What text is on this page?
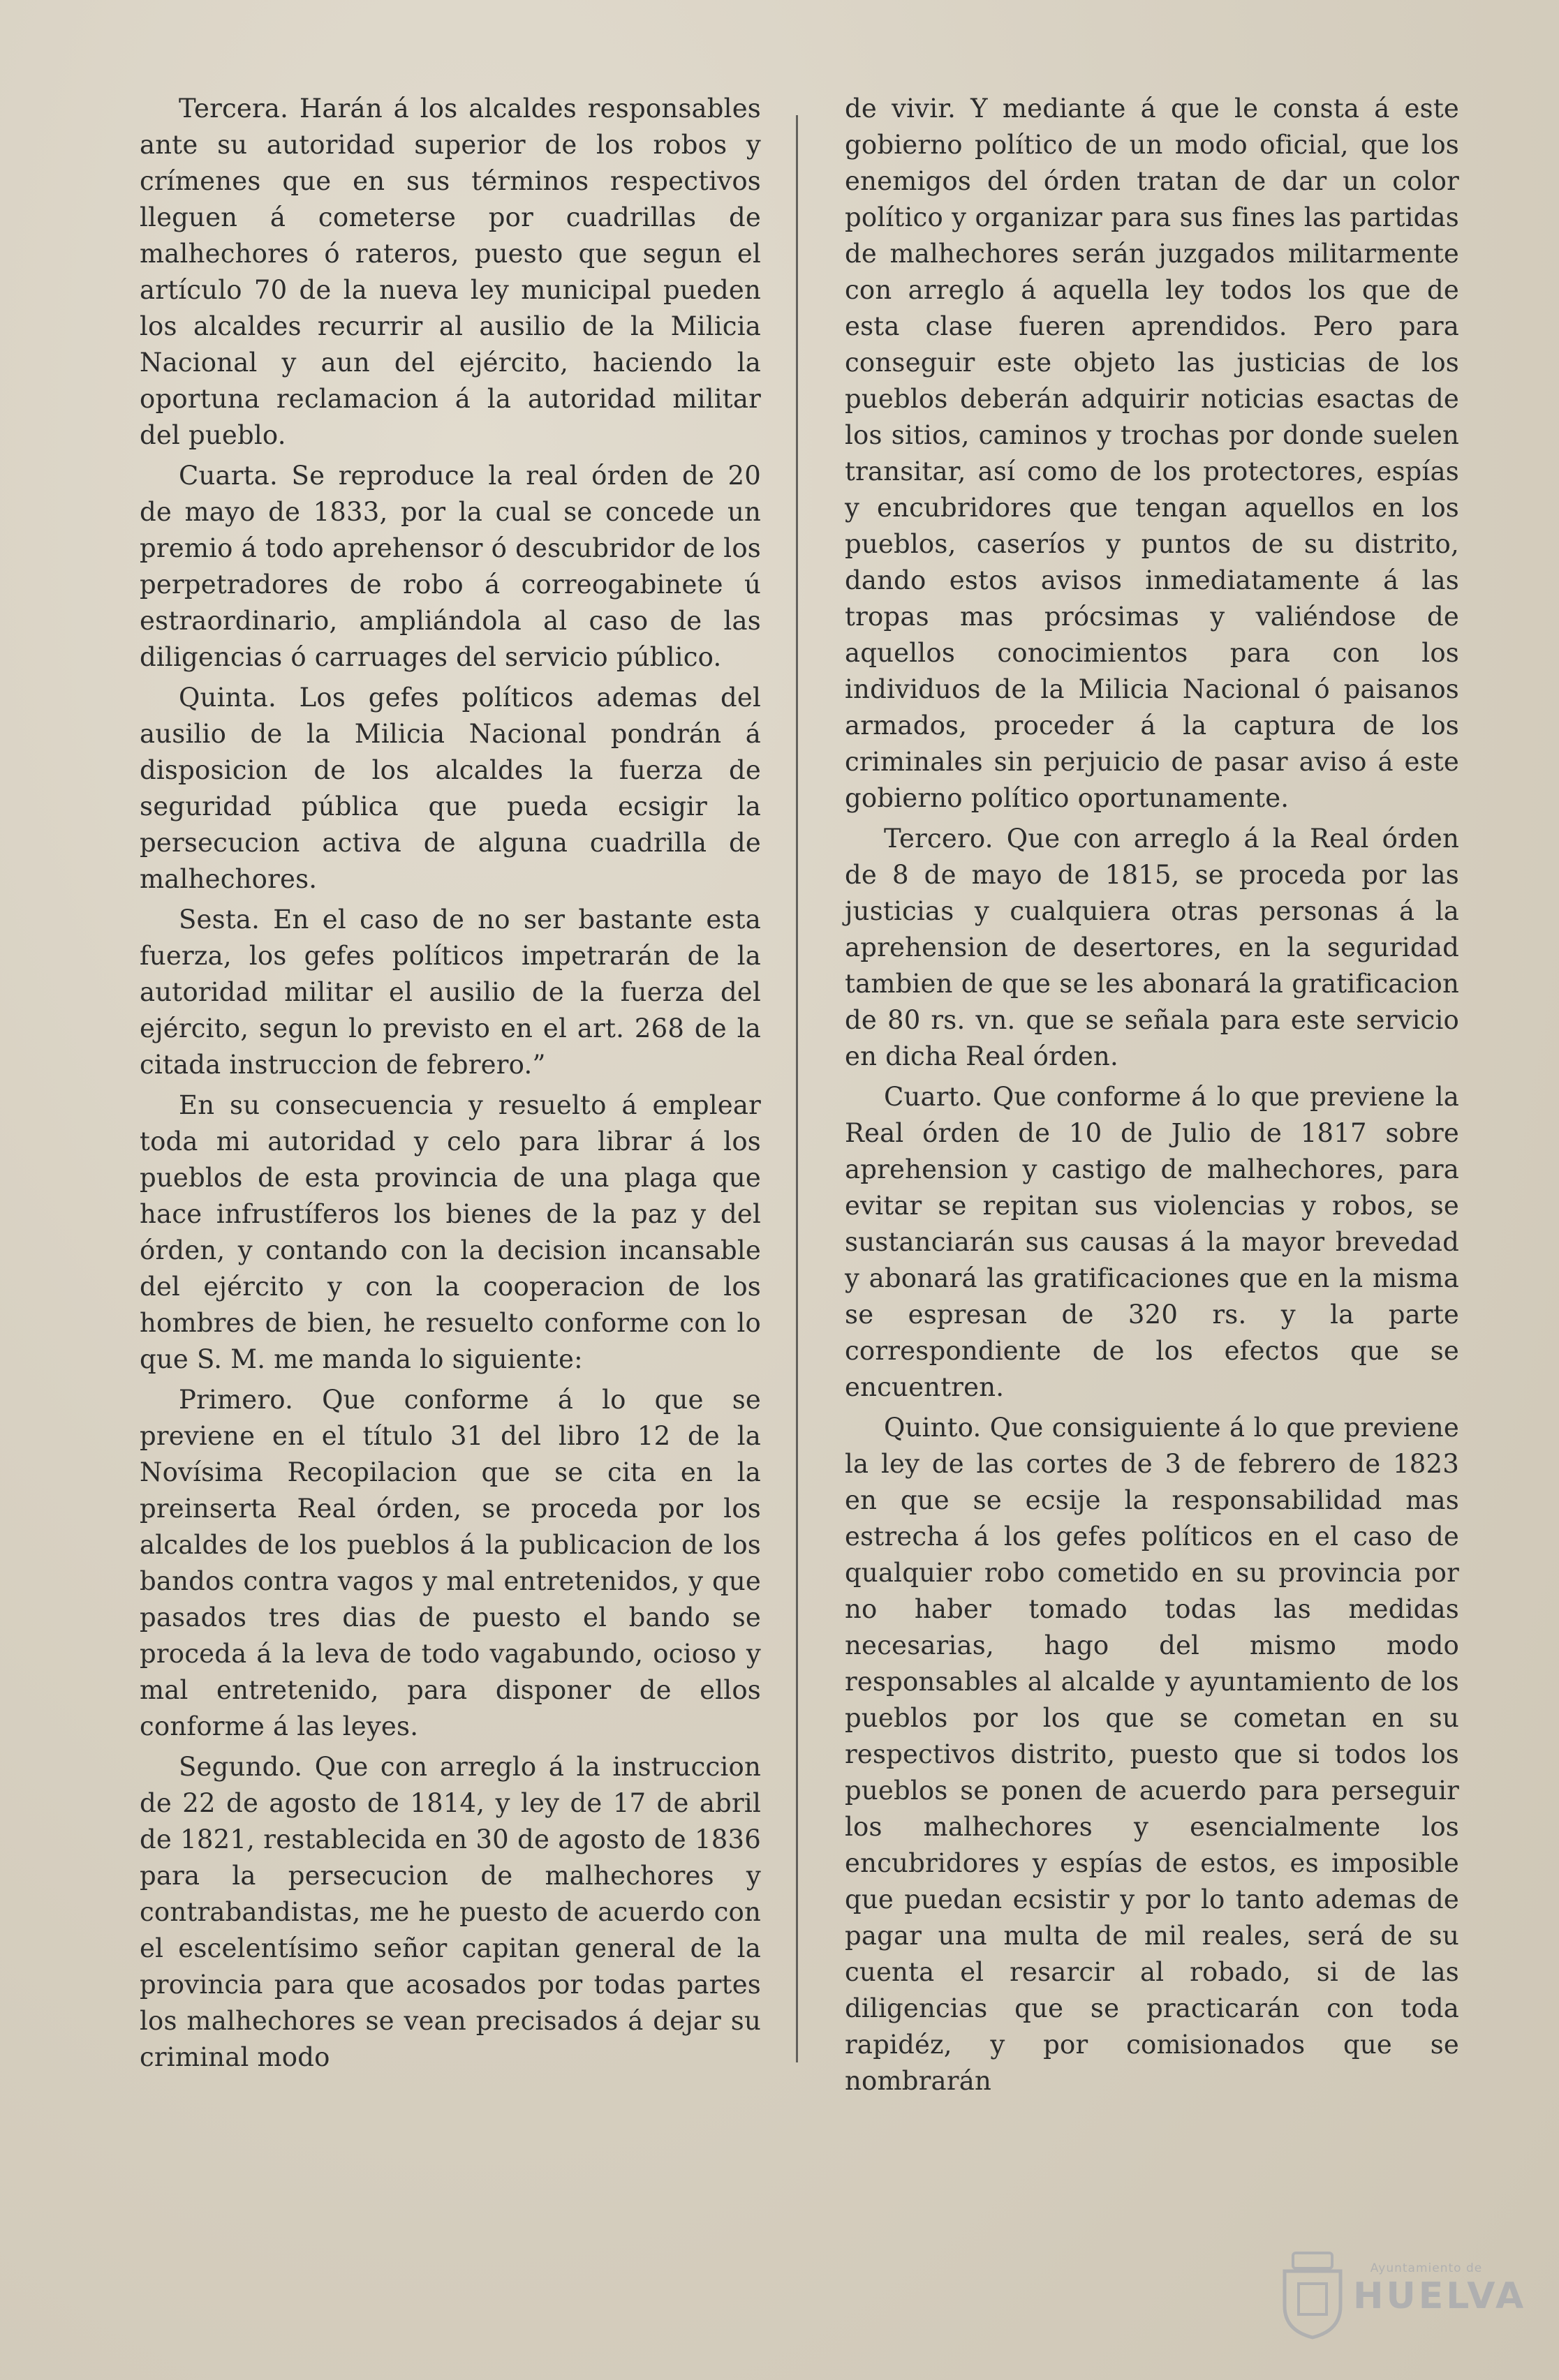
Tercera. Harán á los alcaldes responsables ante su autoridad superior de los robos y crímenes que en sus términos respectivos lleguen á cometerse por cuadrillas de malhechores ó rateros, puesto que segun el artículo 70 de la nueva ley municipal pueden los alcaldes recurrir al ausilio de la Milicia Nacional y aun del ejército, haciendo la oportuna reclamacion á la autoridad militar del pueblo.

Cuarta. Se reproduce la real órden de 20 de mayo de 1833, por la cual se concede un premio á todo aprehensor ó descubridor de los perpetradores de robo á correogabinete ú estraordinario, ampliándola al caso de las diligencias ó carruages del servicio público.

Quinta. Los gefes políticos ademas del ausilio de la Milicia Nacional pondrán á disposicion de los alcaldes la fuerza de seguridad pública que pueda ecsigir la persecucion activa de alguna cuadrilla de malhechores.

Sesta. En el caso de no ser bastante esta fuerza, los gefes políticos impetrarán de la autoridad militar el ausilio de la fuerza del ejército, segun lo previsto en el art. 268 de la citada instruccion de febrero.”

En su consecuencia y resuelto á emplear toda mi autoridad y celo para librar á los pueblos de esta provincia de una plaga que hace infrustíferos los bienes de la paz y del órden, y contando con la decision incansable del ejército y con la cooperacion de los hombres de bien, he resuelto conforme con lo que S. M. me manda lo siguiente:

Primero. Que conforme á lo que se previene en el título 31 del libro 12 de la Novísima Recopilacion que se cita en la preinserta Real órden, se proceda por los alcaldes de los pueblos á la publicacion de los bandos contra vagos y mal entretenidos, y que pasados tres dias de puesto el bando se proceda á la leva de todo vagabundo, ocioso y mal entretenido, para disponer de ellos conforme á las leyes.

Segundo. Que con arreglo á la instruccion de 22 de agosto de 1814, y ley de 17 de abril de 1821, restablecida en 30 de agosto de 1836 para la persecucion de malhechores y contrabandistas, me he puesto de acuerdo con el escelentísimo señor capitan general de la provincia para que acosados por todas partes los malhechores se vean precisados á dejar su criminal modo

de vivir. Y mediante á que le consta á este gobierno político de un modo oficial, que los enemigos del órden tratan de dar un color político y organizar para sus fines las partidas de malhechores serán juzgados militarmente con arreglo á aquella ley todos los que de esta clase fueren aprendidos. Pero para conseguir este objeto las justicias de los pueblos deberán adquirir noticias esactas de los sitios, caminos y trochas por donde suelen transitar, así como de los protectores, espías y encubridores que tengan aquellos en los pueblos, caseríos y puntos de su distrito, dando estos avisos inmediatamente á las tropas mas prócsimas y valiéndose de aquellos conocimientos para con los individuos de la Milicia Nacional ó paisanos armados, proceder á la captura de los criminales sin perjuicio de pasar aviso á este gobierno político oportunamente.

Tercero. Que con arreglo á la Real órden de 8 de mayo de 1815, se proceda por las justicias y cualquiera otras personas á la aprehension de desertores, en la seguridad tambien de que se les abonará la gratificacion de 80 rs. vn. que se señala para este servicio en dicha Real órden.

Cuarto. Que conforme á lo que previene la Real órden de 10 de Julio de 1817 sobre aprehension y castigo de malhechores, para evitar se repitan sus violencias y robos, se sustanciarán sus causas á la mayor brevedad y abonará las gratificaciones que en la misma se espresan de 320 rs. y la parte correspondiente de los efectos que se encuentren.

Quinto. Que consiguiente á lo que previene la ley de las cortes de 3 de febrero de 1823 en que se ecsije la responsabilidad mas estrecha á los gefes políticos en el caso de qualquier robo cometido en su provincia por no haber tomado todas las medidas necesarias, hago del mismo modo responsables al alcalde y ayuntamiento de los pueblos por los que se cometan en su respectivos distrito, puesto que si todos los pueblos se ponen de acuerdo para perseguir los malhechores y esencialmente los encubridores y espías de estos, es imposible que puedan ecsistir y por lo tanto ademas de pagar una multa de mil reales, será de su cuenta el resarcir al robado, si de las diligencias que se practicarán con toda rapidéz, y por comisionados que se nombrarán

Ayuntamiento de
HUELVA
